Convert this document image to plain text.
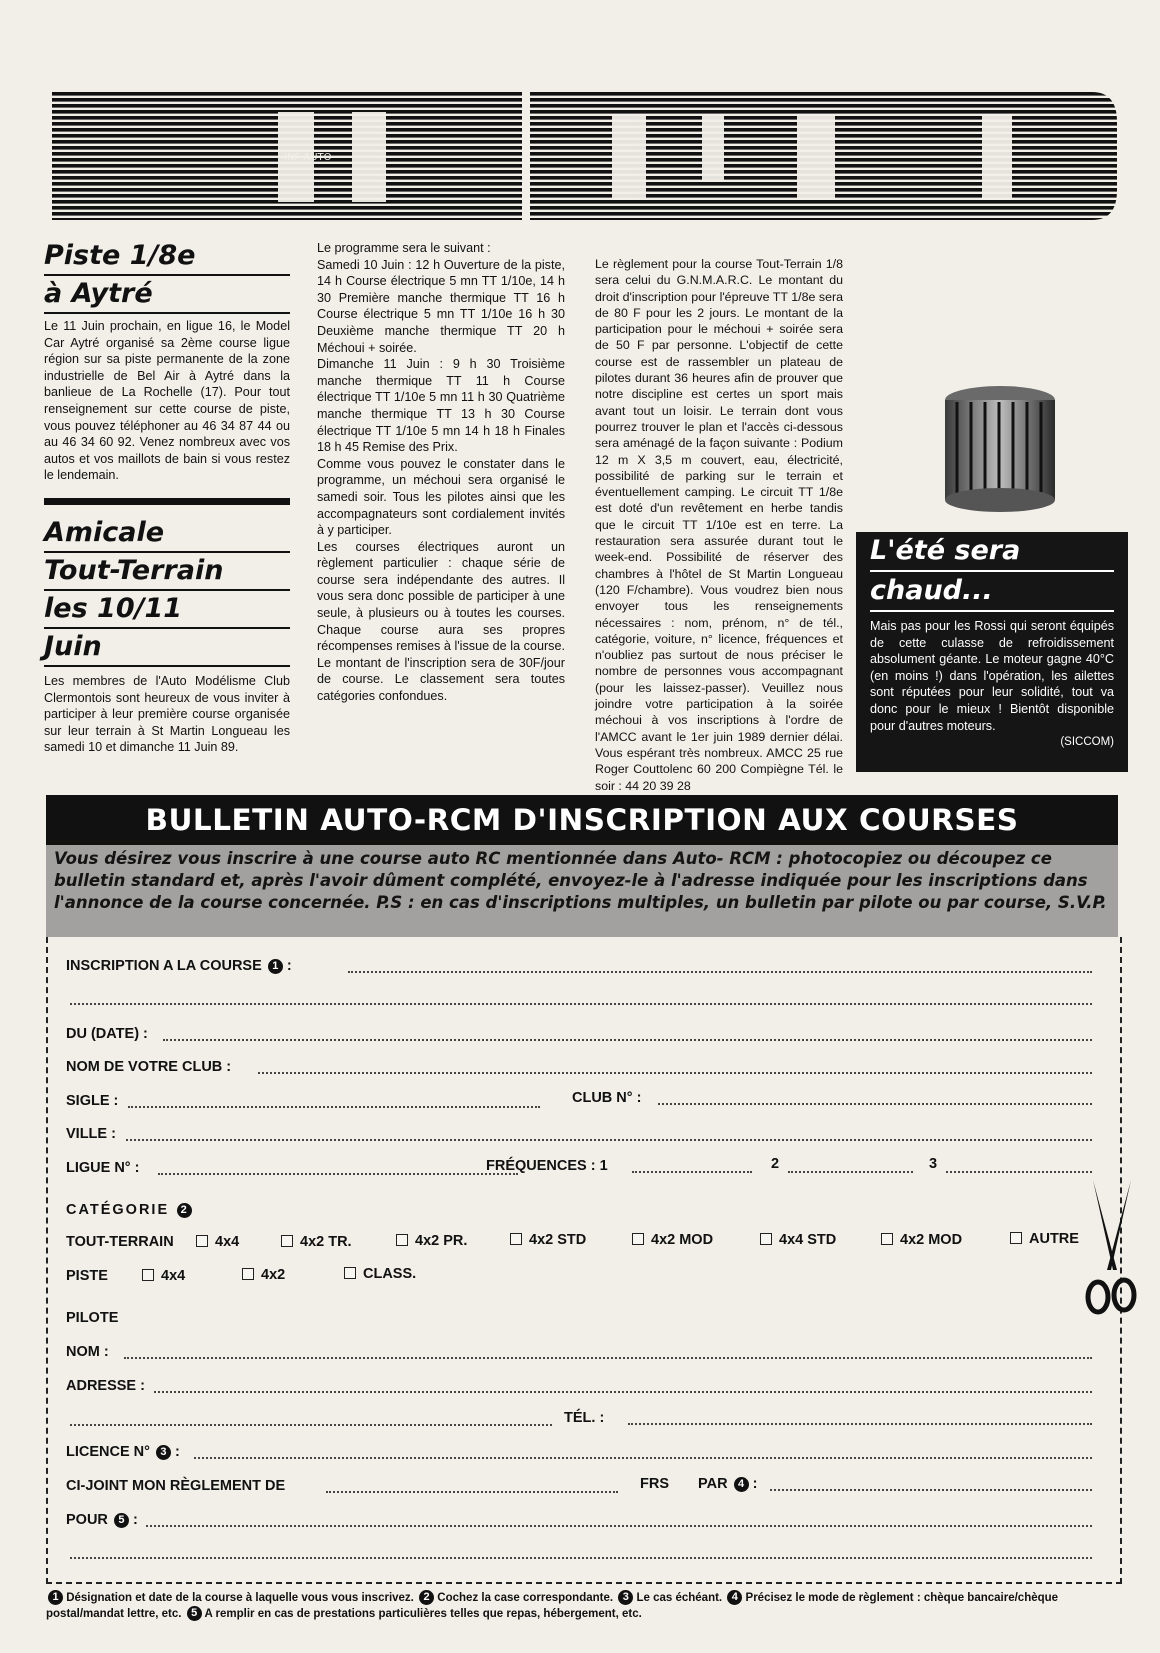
INF AUTO
Piste 1/8e
à Aytré

Le 11 Juin prochain, en ligue 16, le Model Car Aytré organisé sa 2ème course ligue région sur sa piste permanente de la zone industrielle de Bel Air à Aytré dans la banlieue de La Rochelle (17). Pour tout renseignement sur cette course de piste, vous pouvez téléphoner au 46 34 87 44 ou au 46 34 60 92. Venez nombreux avec vos autos et vos maillots de bain si vous restez le lendemain.

Amicale
Tout-Terrain
les 10/11
Juin

Les membres de l'Auto Modélisme Club Clermontois sont heureux de vous inviter à participer à leur première course organisée sur leur terrain à St Martin Longueau les samedi 10 et dimanche 11 Juin 89.

Le programme sera le suivant :

Samedi 10 Juin : 12 h Ouverture de la piste, 14 h Course électrique 5 mn TT 1/10e, 14 h 30 Première manche thermique TT 16 h Course électrique 5 mn TT 1/10e 16 h 30 Deuxième manche thermique TT 20 h Méchoui + soirée.

Dimanche 11 Juin : 9 h 30 Troisième manche thermique TT 11 h Course électrique TT 1/10e 5 mn 11 h 30 Quatrième manche thermique TT 13 h 30 Course électrique TT 1/10e 5 mn 14 h 18 h Finales 18 h 45 Remise des Prix.

Comme vous pouvez le constater dans le programme, un méchoui sera organisé le samedi soir. Tous les pilotes ainsi que les accompagnateurs sont cordialement invités à y participer.

Les courses électriques auront un règlement particulier : chaque série de course sera indépendante des autres. Il vous sera donc possible de participer à une seule, à plusieurs ou à toutes les courses. Chaque course aura ses propres récompenses remises à l'issue de la course. Le montant de l'inscription sera de 30F/jour de course. Le classement sera toutes catégories confondues.

Le règlement pour la course Tout-Terrain 1/8 sera celui du G.N.M.A.R.C. Le montant du droit d'inscription pour l'épreuve TT 1/8e sera de 80 F pour les 2 jours. Le montant de la participation pour le méchoui + soirée sera de 50 F par personne. L'objectif de cette course est de rassembler un plateau de pilotes durant 36 heures afin de prouver que notre discipline est certes un sport mais avant tout un loisir. Le terrain dont vous pourrez trouver le plan et l'accès ci-dessous sera aménagé de la façon suivante : Podium 12 m X 3,5 m couvert, eau, électricité, possibilité de parking sur le terrain et éventuellement camping. Le circuit TT 1/8e est doté d'un revêtement en herbe tandis que le circuit TT 1/10e est en terre. La restauration sera assurée durant tout le week-end. Possibilité de réserver des chambres à l'hôtel de St Martin Longueau (120 F/chambre). Vous voudrez bien nous envoyer tous les renseignements nécessaires : nom, prénom, n° de tél., catégorie, voiture, n° licence, fréquences et n'oubliez pas surtout de nous préciser le nombre de personnes vous accompagnant (pour les laissez-passer). Veuillez nous joindre votre participation à la soirée méchoui à vos inscriptions à l'ordre de l'AMCC avant le 1er juin 1989 dernier délai. Vous espérant très nombreux. AMCC 25 rue Roger Couttolenc 60 200 Compiègne Tél. le soir : 44 20 39 28

L'été sera
chaud...
Mais pas pour les Rossi qui seront équipés de cette culasse de refroidissement absolument géante. Le moteur gagne 40°C (en moins !) dans l'opération, les ailettes sont réputées pour leur solidité, tout va donc pour le mieux ! Bientôt disponible pour d'autres moteurs.
(SICCOM)
BULLETIN AUTO-RCM D'INSCRIPTION AUX COURSES
Vous désirez vous inscrire à une course auto RC mentionnée dans Auto- RCM : photocopiez ou découpez ce bulletin standard et, après l'avoir dûment complété, envoyez-le à l'adresse indiquée pour les inscriptions dans l'annonce de la course concernée. P.S : en cas d'inscriptions multiples, un bulletin par pilote ou par course, S.V.P.
INSCRIPTION A LA COURSE 1 :
DU (DATE) :
NOM DE VOTRE CLUB :
SIGLE :	CLUB N° :
VILLE :
LIGUE N° :	FRÉQUENCES : 1	2	3
CATÉGORIE 2
TOUT-TERRAIN	4x4	4x2 TR.	4x2 PR.	4x2 STD	4x2 MOD	4x4 STD	4x2 MOD	AUTRE
PISTE	4x4	4x2	CLASS.
PILOTE
NOM :
ADRESSE :
TÉL. :
LICENCE N° 3 :
CI-JOINT MON RÈGLEMENT DE	FRS PAR 4 :
POUR 5 :
1 Désignation et date de la course à laquelle vous vous inscrivez. 2 Cochez la case correspondante. 3 Le cas échéant. 4 Précisez le mode de règlement : chèque bancaire/chèque postal/mandat lettre, etc. 5 A remplir en cas de prestations particulières telles que repas, hébergement, etc.
